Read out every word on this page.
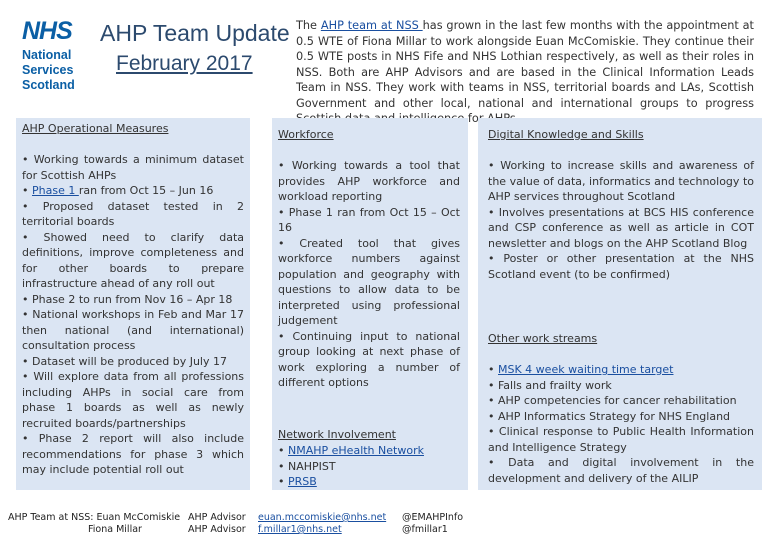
NHS
National
Services
Scotland
AHP Team Update
February 2017
The AHP team at NSS has grown in the last few months with the appointment at 0.5 WTE of Fiona Millar to work alongside Euan McComiskie. They continue their 0.5 WTE posts in NHS Fife and NHS Lothian respectively, as well as their roles in NSS. Both are AHP Advisors and are based in the Clinical Information Leads Team in NSS. They work with teams in NSS, territorial boards and LAs, Scottish Government and other local, national and international groups to progress for
AHP Operational Measures
• Working towards a minimum dataset for Scottish AHPs
• Phase 1 ran from Oct 15 – Jun 16
• Proposed dataset tested in 2 territorial boards
• Showed need to clarify data definitions, improve completeness and for other boards to prepare infrastructure ahead of any roll out
• Phase 2 to run from Nov 16 – Apr 18
• National workshops in Feb and Mar 17 then national (and international) consultation process
• Dataset will be produced by July 17
• Will explore data from all professions including AHPs in social care from phase 1 boards as well as newly recruited boards/partnerships
• Phase 2 report will also include recommendations for phase 3 which may include potential roll out
Workforce
• Working towards a tool that provides AHP workforce and workload reporting
• Phase 1 ran from Oct 15 – Oct 16
• Created tool that gives workforce numbers against population and geography with questions to allow data to be interpreted using professional judgement
• Continuing input to national group looking at next phase of work exploring a number of different options
Network Involvement
• NMAHP eHealth Network
• NAHPIST
• PRSB
Digital Knowledge and Skills
• Working to increase skills and awareness of the value of data, informatics and technology to AHP services throughout Scotland
• Involves presentations at BCS HIS conference and CSP conference as well as article in COT newsletter and blogs on the AHP Scotland Blog
• Poster or other presentation at the NHS Scotland event (to be confirmed)
Other work streams
• MSK 4 week waiting time target
• Falls and frailty work
• AHP competencies for cancer rehabilitation
• AHP Informatics Strategy for NHS England
• Clinical response to Public Health Information and Intelligence Strategy
• Data and digital involvement in the development and delivery of the AILIP
AHP Team at NSS: Euan McComiskie
Fiona Millar
AHP Advisor
AHP Advisor
euan.mccomiskie@nhs.net
f.millar1@nhs.net
@EMAHPInfo
@fmillar1
